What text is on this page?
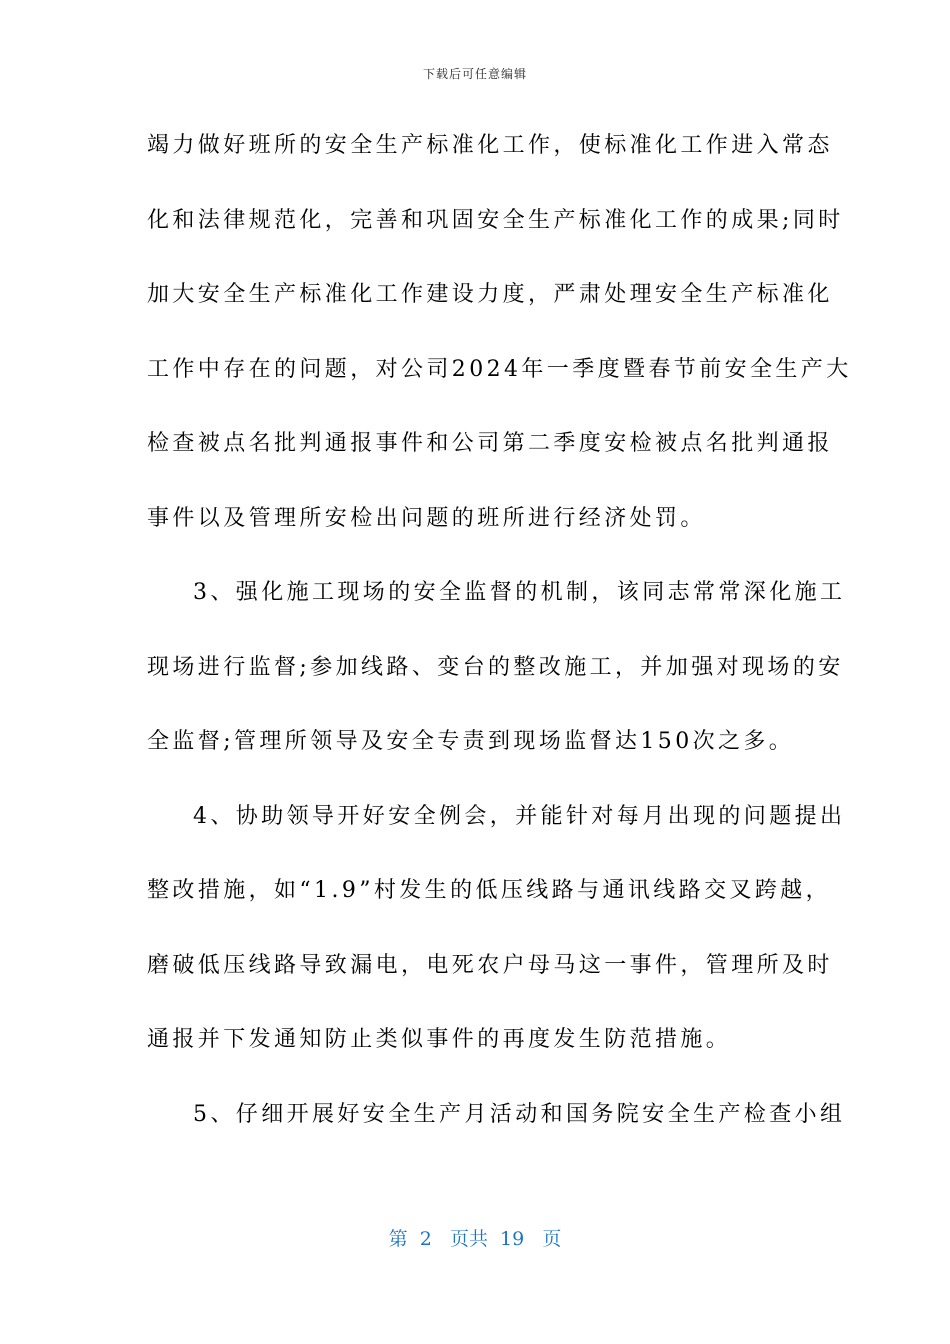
下载后可任意编辑
竭力做好班所的安全生产标准化工作，使标准化工作进入常态
化和法律规范化，完善和巩固安全生产标准化工作的成果;同时
加大安全生产标准化工作建设力度，严肃处理安全生产标准化
工作中存在的问题，对公司2024年一季度暨春节前安全生产大
检查被点名批判通报事件和公司第二季度安检被点名批判通报
事件以及管理所安检出问题的班所进行经济处罚。
3、强化施工现场的安全监督的机制，该同志常常深化施工
现场进行监督;参加线路、变台的整改施工，并加强对现场的安
全监督;管理所领导及安全专责到现场监督达150次之多。
4、协助领导开好安全例会，并能针对每月出现的问题提出
整改措施，如“1.9”村发生的低压线路与通讯线路交叉跨越，
磨破低压线路导致漏电，电死农户母马这一事件，管理所及时
通报并下发通知防止类似事件的再度发生防范措施。
5、仔细开展好安全生产月活动和国务院安全生产检查小组
第  2   页共  19   页
